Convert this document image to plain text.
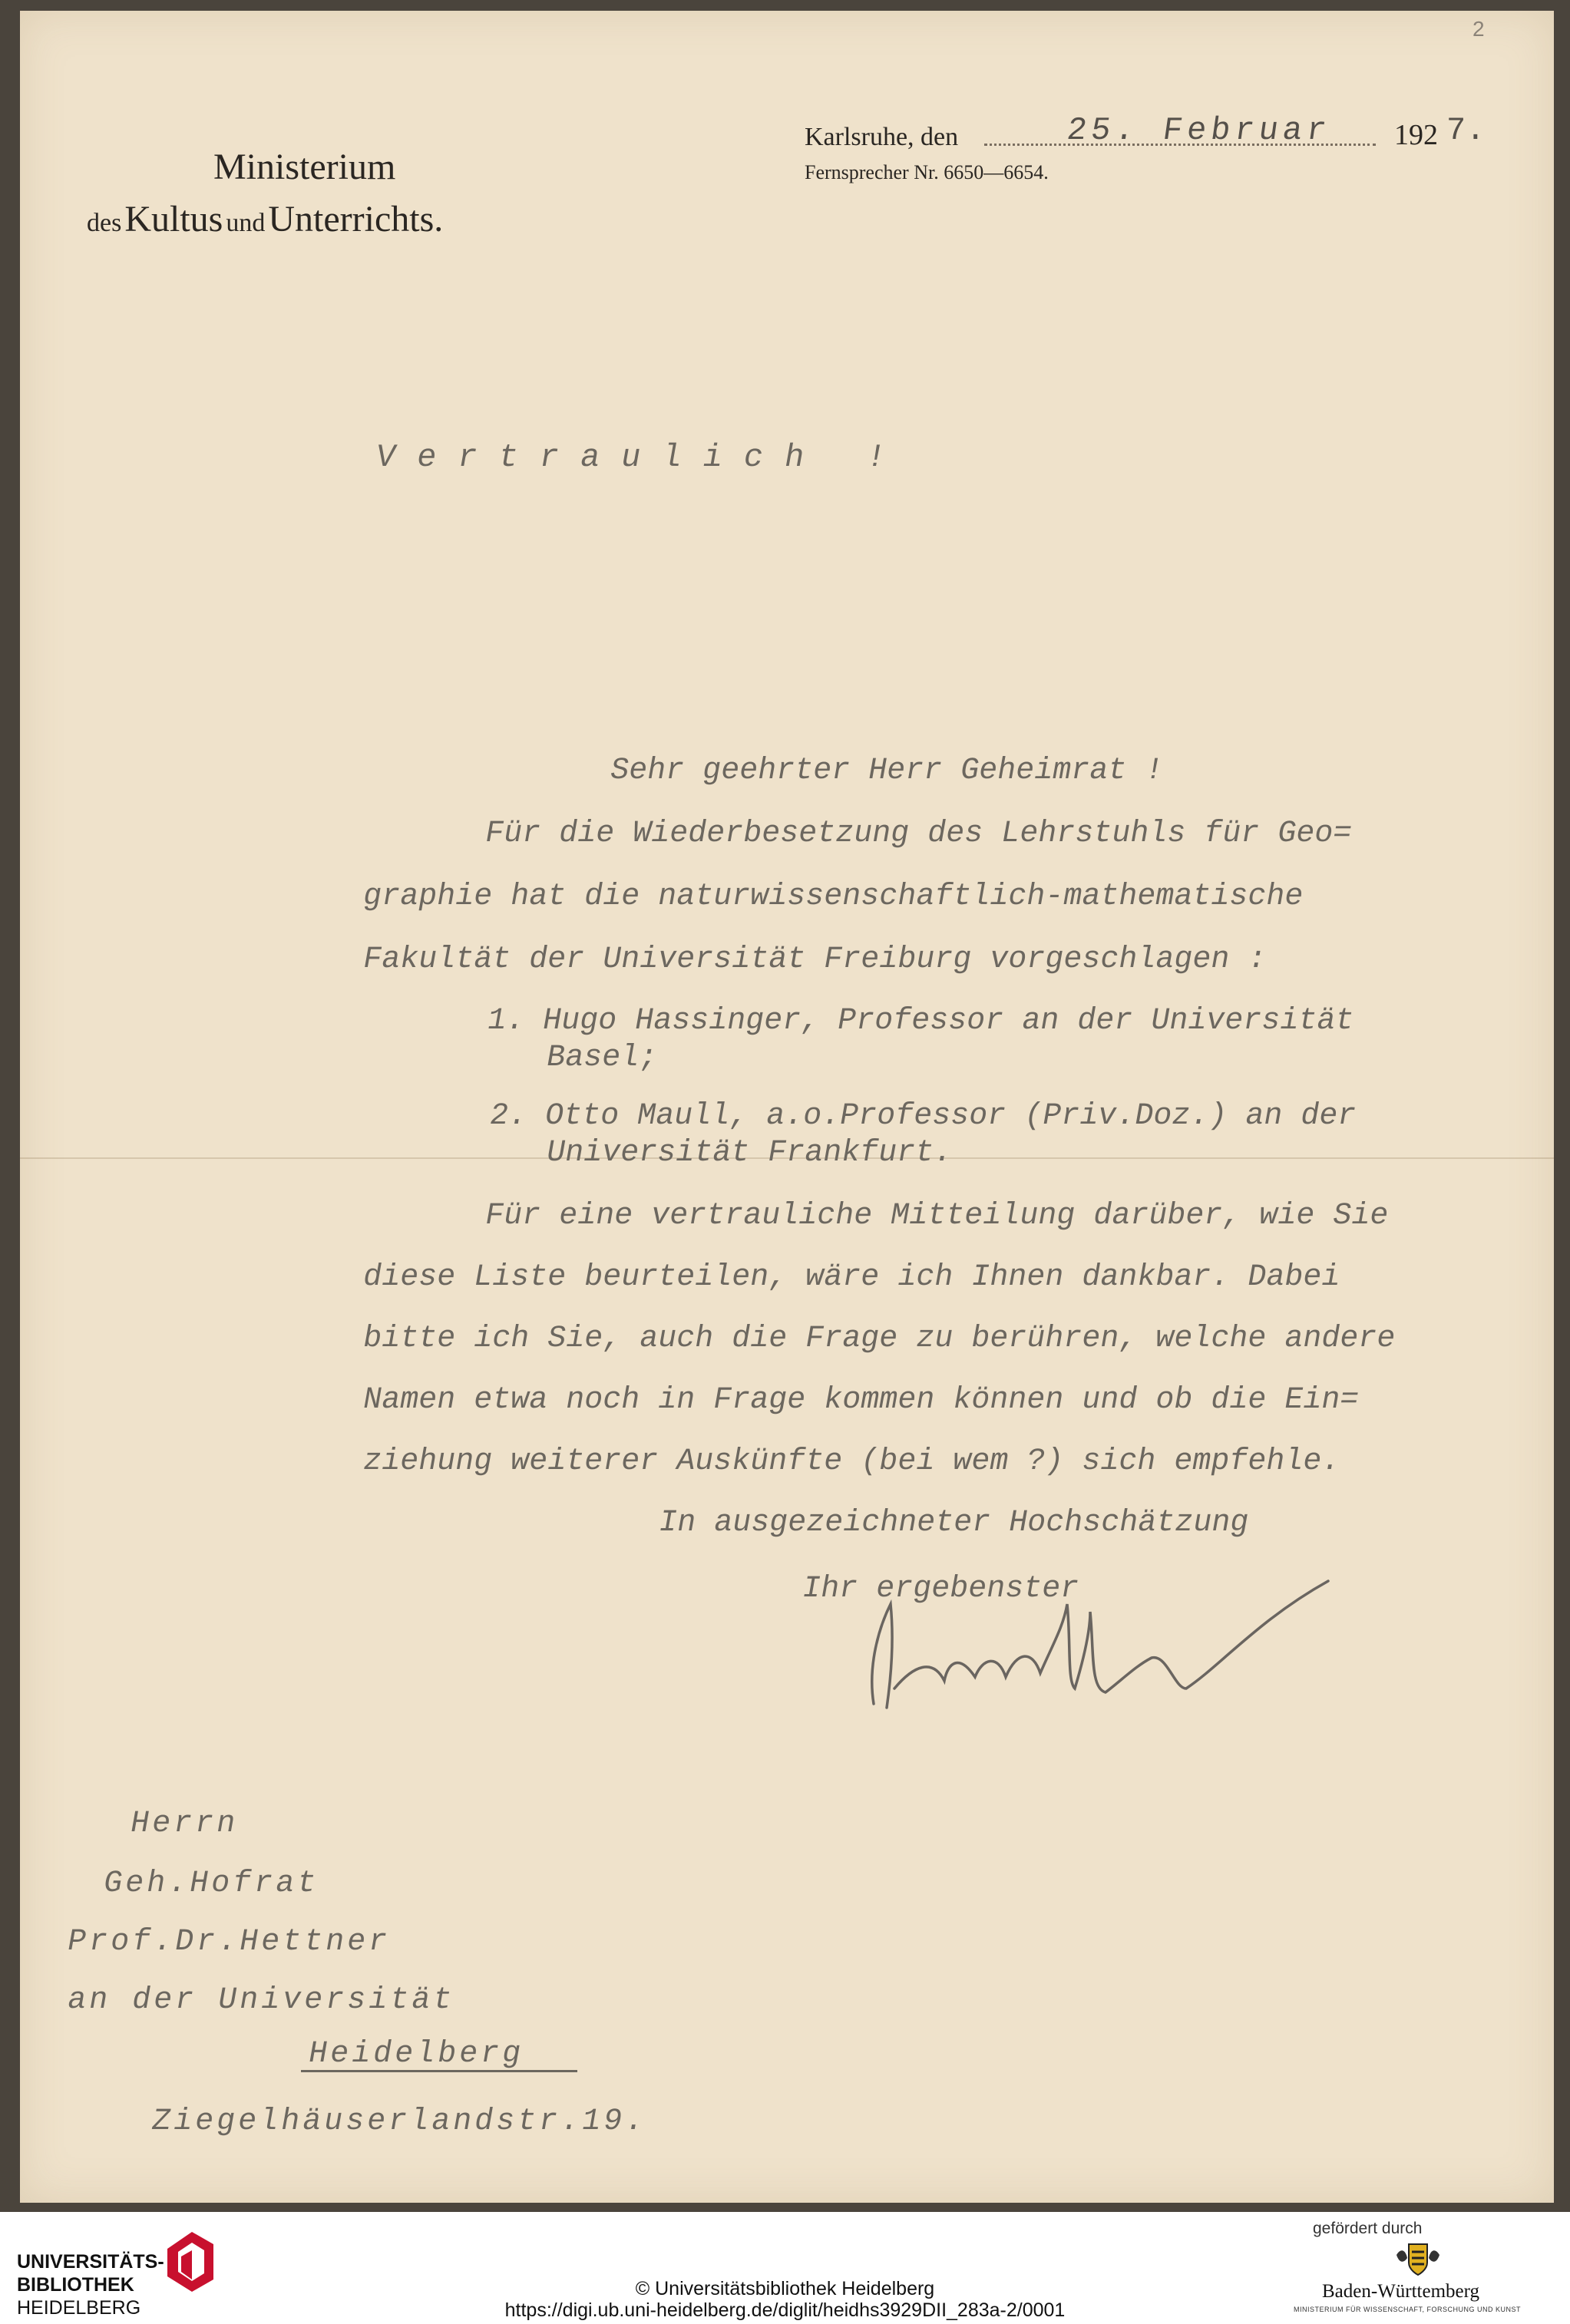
2
Ministerium
des Kultus und Unterrichts.
Karlsruhe, den	25. Februar 192 7.
Fernsprecher Nr. 6650—6654.
Vertraulich !
Sehr geehrter Herr Geheimrat !
Für die Wiederbesetzung des Lehrstuhls für Geo=
graphie hat die naturwissenschaftlich-mathematische
Fakultät der Universität Freiburg vorgeschlagen :
1. Hugo Hassinger, Professor an der Universität
Basel;
2. Otto Maull, a.o.Professor (Priv.Doz.) an der
Universität Frankfurt.
Für eine vertrauliche Mitteilung darüber, wie Sie
diese Liste beurteilen, wäre ich Ihnen dankbar. Dabei
bitte ich Sie, auch die Frage zu berühren, welche andere
Namen etwa noch in Frage kommen können und ob die Ein=
ziehung weiterer Auskünfte (bei wem ?) sich empfehle.
In ausgezeichneter Hochschätzung
Ihr ergebenster
Herrn
Geh.Hofrat
Prof.Dr.Hettner
an der Universität
Heidelberg
Ziegelhäuserlandstr.19.
UNIVERSITÄTS-
BIBLIOTHEK
HEIDELBERG
© Universitätsbibliothek Heidelberg
https://digi.ub.uni-heidelberg.de/diglit/heidhs3929DII_283a-2/0001
gefördert durch
Baden-Württemberg
MINISTERIUM FÜR WISSENSCHAFT, FORSCHUNG UND KUNST
